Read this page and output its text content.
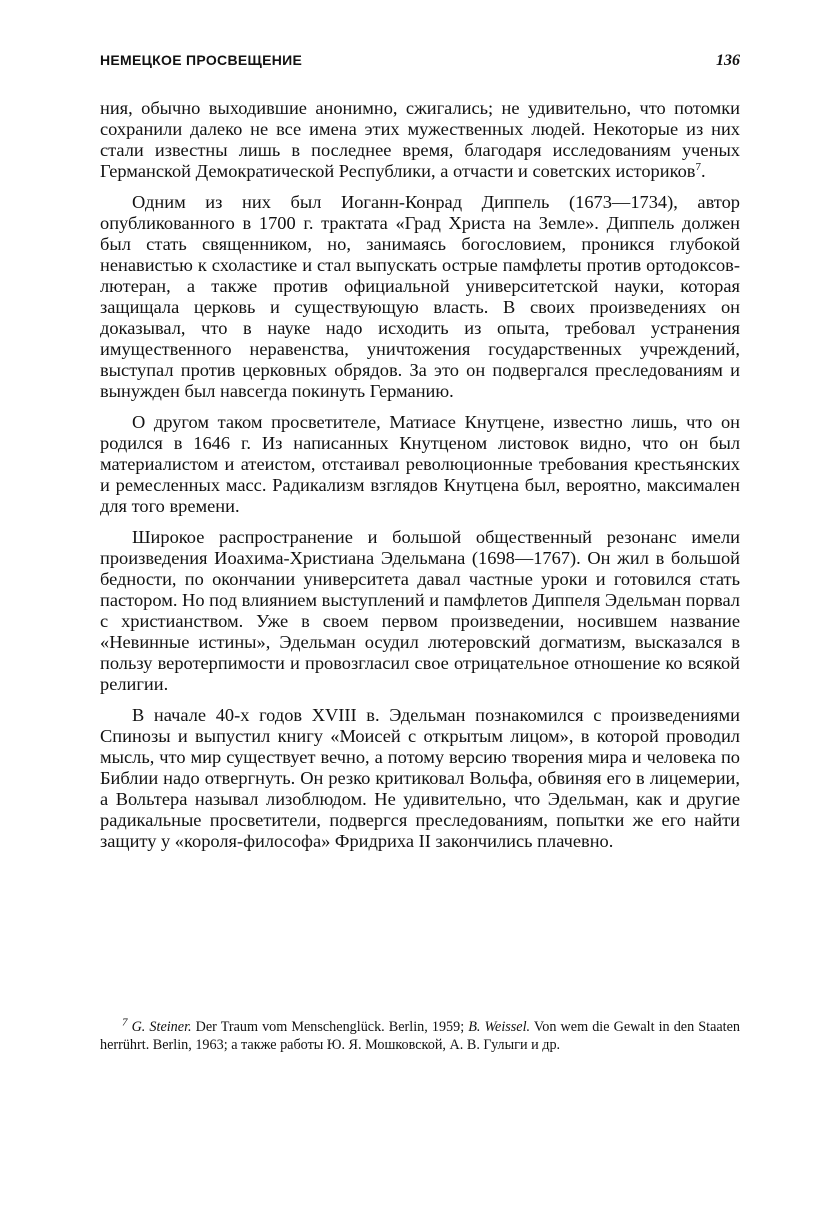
НЕМЕЦКОЕ ПРОСВЕЩЕНИЕ	136

ния, обычно выходившие анонимно, сжигались; не удивительно, что потомки сохранили далеко не все имена этих мужественных людей. Некоторые из них стали известны лишь в последнее время, благодаря исследованиям ученых Германской Демократической Республики, а отчасти и советских историков$^7$.

Одним из них был Иоганн-Конрад Диппель (1673—1734), автор опубликованного в 1700 г. трактата «Град Христа на Земле». Диппель должен был стать священником, но, занимаясь богословием, проникся глубокой ненавистью к схоластике и стал выпускать острые памфлеты против ортодоксов-лютеран, а также против официальной университетской науки, которая защищала церковь и существующую власть. В своих произведениях он доказывал, что в науке надо исходить из опыта, требовал устранения имущественного неравенства, уничтожения государственных учреждений, выступал против церковных обрядов. За это он подвергался преследованиям и вынужден был навсегда покинуть Германию.

О другом таком просветителе, Матиасе Кнутцене, известно лишь, что он родился в 1646 г. Из написанных Кнутценом листовок видно, что он был материалистом и атеистом, отстаивал революционные требования крестьянских и ремесленных масс. Радикализм взглядов Кнутцена был, вероятно, максимален для того времени.

Широкое распространение и большой общественный резонанс имели произведения Иоахима-Христиана Эдельмана (1698—1767). Он жил в большой бедности, по окончании университета давал частные уроки и готовился стать пастором. Но под влиянием выступлений и памфлетов Диппеля Эдельман порвал с христианством. Уже в своем первом произведении, носившем название «Невинные истины», Эдельман осудил лютеровский догматизм, высказался в пользу веротерпимости и провозгласил свое отрицательное отношение ко всякой религии.

В начале 40-х годов XVIII в. Эдельман познакомился с произведениями Спинозы и выпустил книгу «Моисей с открытым лицом», в которой проводил мысль, что мир существует вечно, а потому версию творения мира и человека по Библии надо отвергнуть. Он резко критиковал Вольфа, обвиняя его в лицемерии, а Вольтера называл лизоблюдом. Не удивительно, что Эдельман, как и другие радикальные просветители, подвергся преследованиям, попытки же его найти защиту у «короля-философа» Фридриха II закончились плачевно.

$^7$ G. Steiner. Der Traum vom Menschenglück. Berlin, 1959; B. Weissel. Von wem die Gewalt in den Staaten herrührt. Berlin, 1963; а также работы Ю. Я. Мошковской, А. В. Гулыги и др.
